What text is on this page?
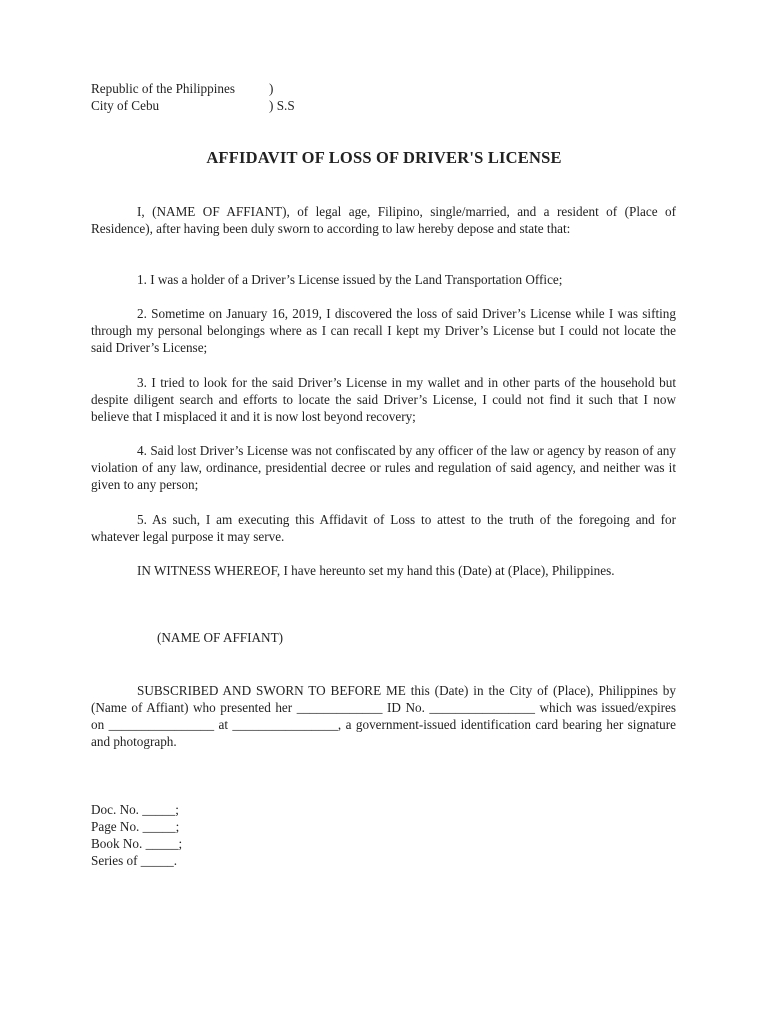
Republic of the Philippines	)
City of Cebu	) S.S
AFFIDAVIT OF LOSS OF DRIVER'S LICENSE
I, (NAME OF AFFIANT), of legal age, Filipino, single/married, and a resident of (Place of Residence), after having been duly sworn to according to law hereby depose and state that:
1. I was a holder of a Driver’s License issued by the Land Transportation Office;
2. Sometime on January 16, 2019, I discovered the loss of said Driver’s License while I was sifting through my personal belongings where as I can recall I kept my Driver’s License but I could not locate the said Driver’s License;
3. I tried to look for the said Driver’s License in my wallet and in other parts of the household but despite diligent search and efforts to locate the said Driver’s License, I could not find it such that I now believe that I misplaced it and it is now lost beyond recovery;
4. Said lost Driver’s License was not confiscated by any officer of the law or agency by reason of any violation of any law, ordinance, presidential decree or rules and regulation of said agency, and neither was it given to any person;
5. As such, I am executing this Affidavit of Loss to attest to the truth of the foregoing and for whatever legal purpose it may serve.
IN WITNESS WHEREOF, I have hereunto set my hand this (Date) at (Place), Philippines.
(NAME OF AFFIANT)
SUBSCRIBED AND SWORN TO BEFORE ME this (Date) in the City of (Place), Philippines by (Name of Affiant) who presented her _____________ ID No. ________________ which was issued/expires on ________________ at ________________, a government-issued identification card bearing her signature and photograph.
Doc. No. _____;
Page No. _____;
Book No. _____;
Series of _____.
